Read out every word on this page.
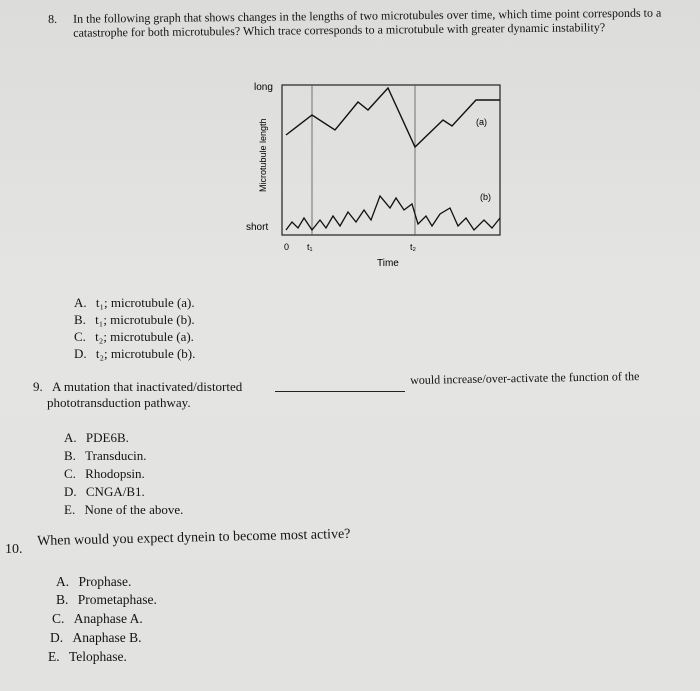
8. In the following graph that shows changes in the lengths of two microtubules over time, which time point corresponds to a catastrophe for both microtubules? Which trace corresponds to a microtubule with greater dynamic instability?
long
short
Microtubule length	(a)
(b)
0 t₁	t₂
Time
A. t₁; microtubule (a).
B. t₁; microtubule (b).
C. t₂; microtubule (a).
D. t₂; microtubule (b).
9. A mutation that inactivated/distorted	would increase/over-activate the function of the
phototransduction pathway.
A. PDE6B.
B. Transducin.
C. Rhodopsin.
D. CNGA/B1.
E. None of the above.
10.
When would you expect dynein to become most active?
A. Prophase.
B. Prometaphase.
C. Anaphase A.
D. Anaphase B.
E. Telophase.
